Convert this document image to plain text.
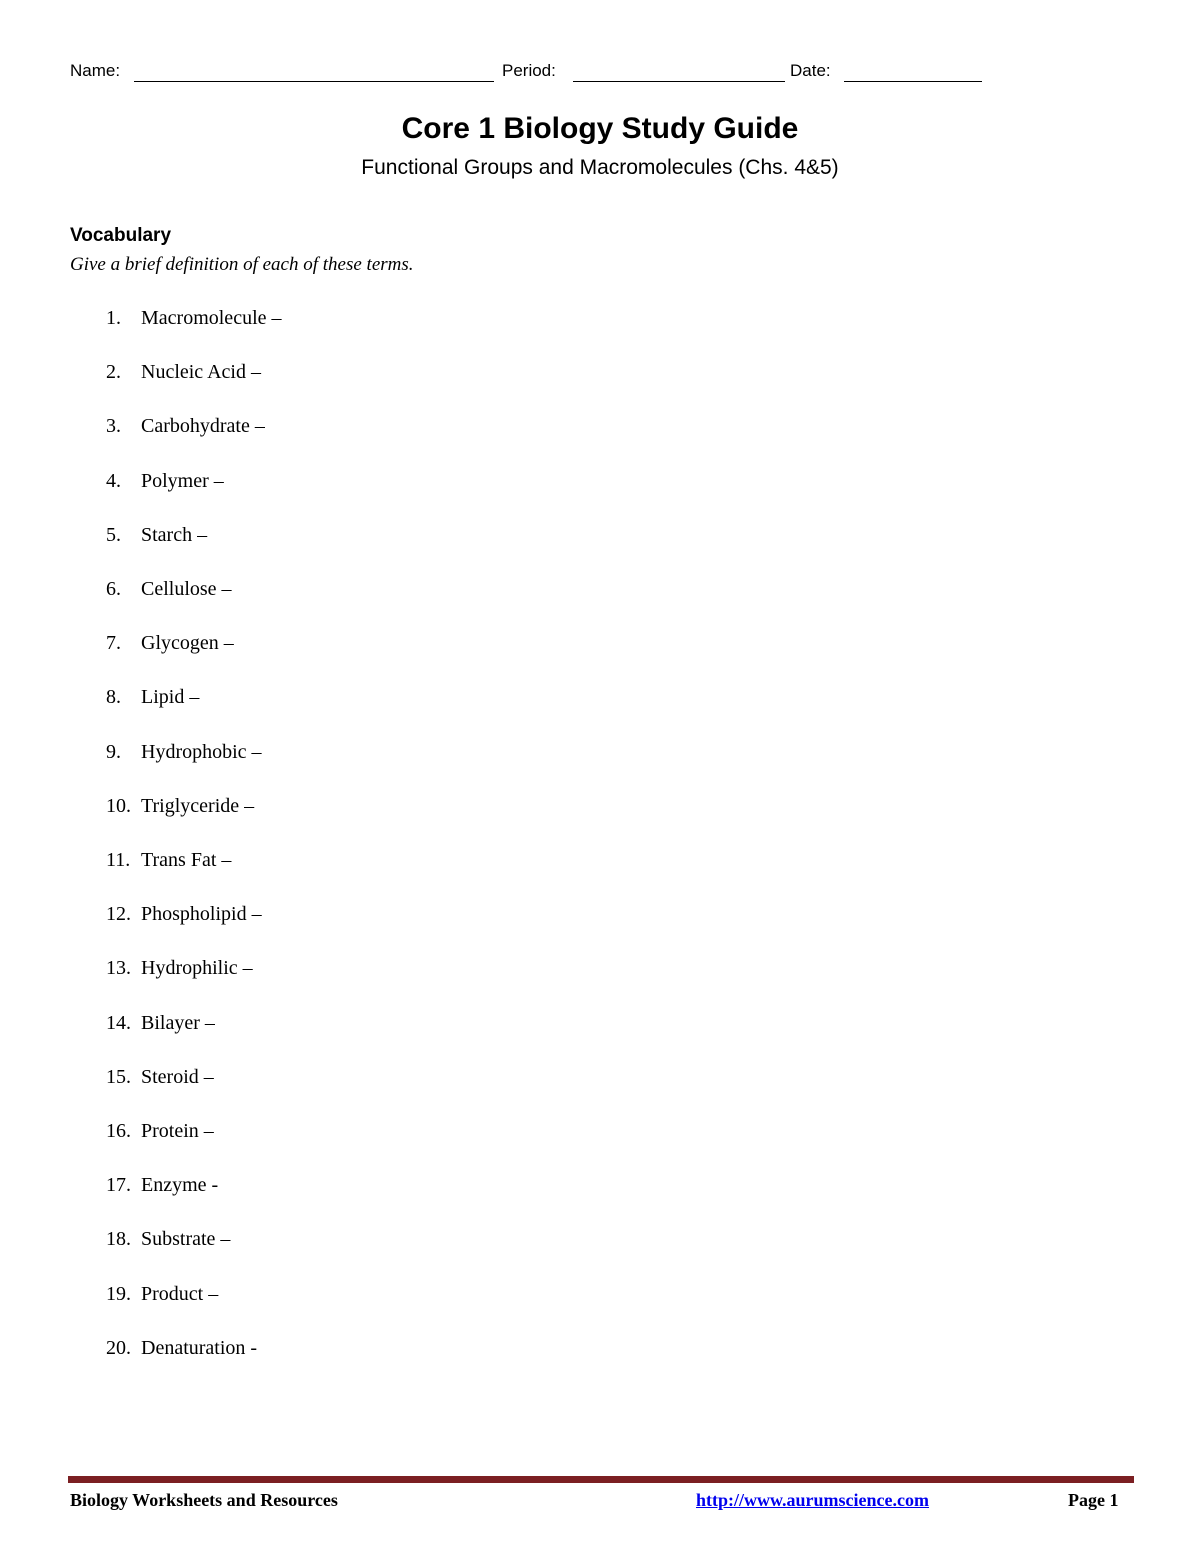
Name:	Period:	Date:
Core 1 Biology Study Guide
Functional Groups and Macromolecules (Chs. 4&5)
Vocabulary
Give a brief definition of each of these terms.
1. Macromolecule –
2. Nucleic Acid –
3. Carbohydrate –
4. Polymer –
5. Starch –
6. Cellulose –
7. Glycogen –
8. Lipid –
9. Hydrophobic –
10. Triglyceride –
11. Trans Fat –
12. Phospholipid –
13. Hydrophilic –
14. Bilayer –
15. Steroid –
16. Protein –
17. Enzyme -
18. Substrate –
19. Product –
20. Denaturation -
Biology Worksheets and Resources	http://www.aurumscience.com	Page 1
